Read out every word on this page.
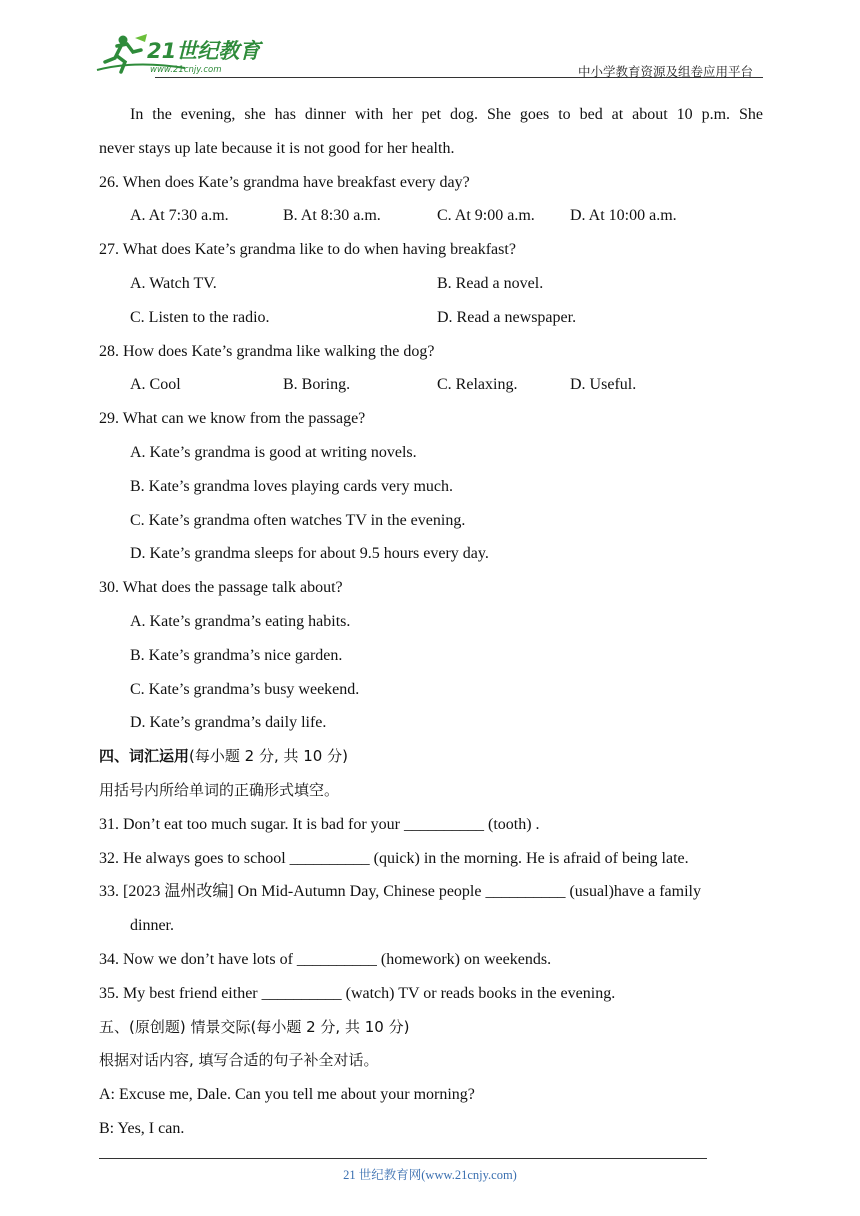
21世纪教育
www.21cnjy.com	中小学教育资源及组卷应用平台
In the evening, she has dinner with her pet dog. She goes to bed at about 10 p.m. She
never stays up late because it is not good for her health.
26. When does Kate’s grandma have breakfast every day?
A. At 7:30 a.m.	B. At 8:30 a.m.	C. At 9:00 a.m.	D. At 10:00 a.m.
27. What does Kate’s grandma like to do when having breakfast?
A. Watch TV.	B. Read a novel.
C. Listen to the radio.	D. Read a newspaper.
28. How does Kate’s grandma like walking the dog?
A. Cool	B. Boring.	C. Relaxing.	D. Useful.
29. What can we know from the passage?
A. Kate’s grandma is good at writing novels.
B. Kate’s grandma loves playing cards very much.
C. Kate’s grandma often watches TV in the evening.
D. Kate’s grandma sleeps for about 9.5 hours every day.
30. What does the passage talk about?
A. Kate’s grandma’s eating habits.
B. Kate’s grandma’s nice garden.
C. Kate’s grandma’s busy weekend.
D. Kate’s grandma’s daily life.
四、词汇运用(每小题 2 分, 共 10 分)
用括号内所给单词的正确形式填空。
31. Don’t eat too much sugar. It is bad for your __________ (tooth) .
32. He always goes to school __________ (quick) in the morning. He is afraid of being late.
33. [2023 温州改编] On Mid-Autumn Day, Chinese people __________ (usual)have a family
dinner.
34. Now we don’t have lots of __________ (homework) on weekends.
35. My best friend either __________ (watch) TV or reads books in the evening.
五、(原创题) 情景交际(每小题 2 分, 共 10 分)
根据对话内容, 填写合适的句子补全对话。
A: Excuse me, Dale. Can you tell me about your morning?
B: Yes, I can.
21 世纪教育网(www.21cnjy.com)
